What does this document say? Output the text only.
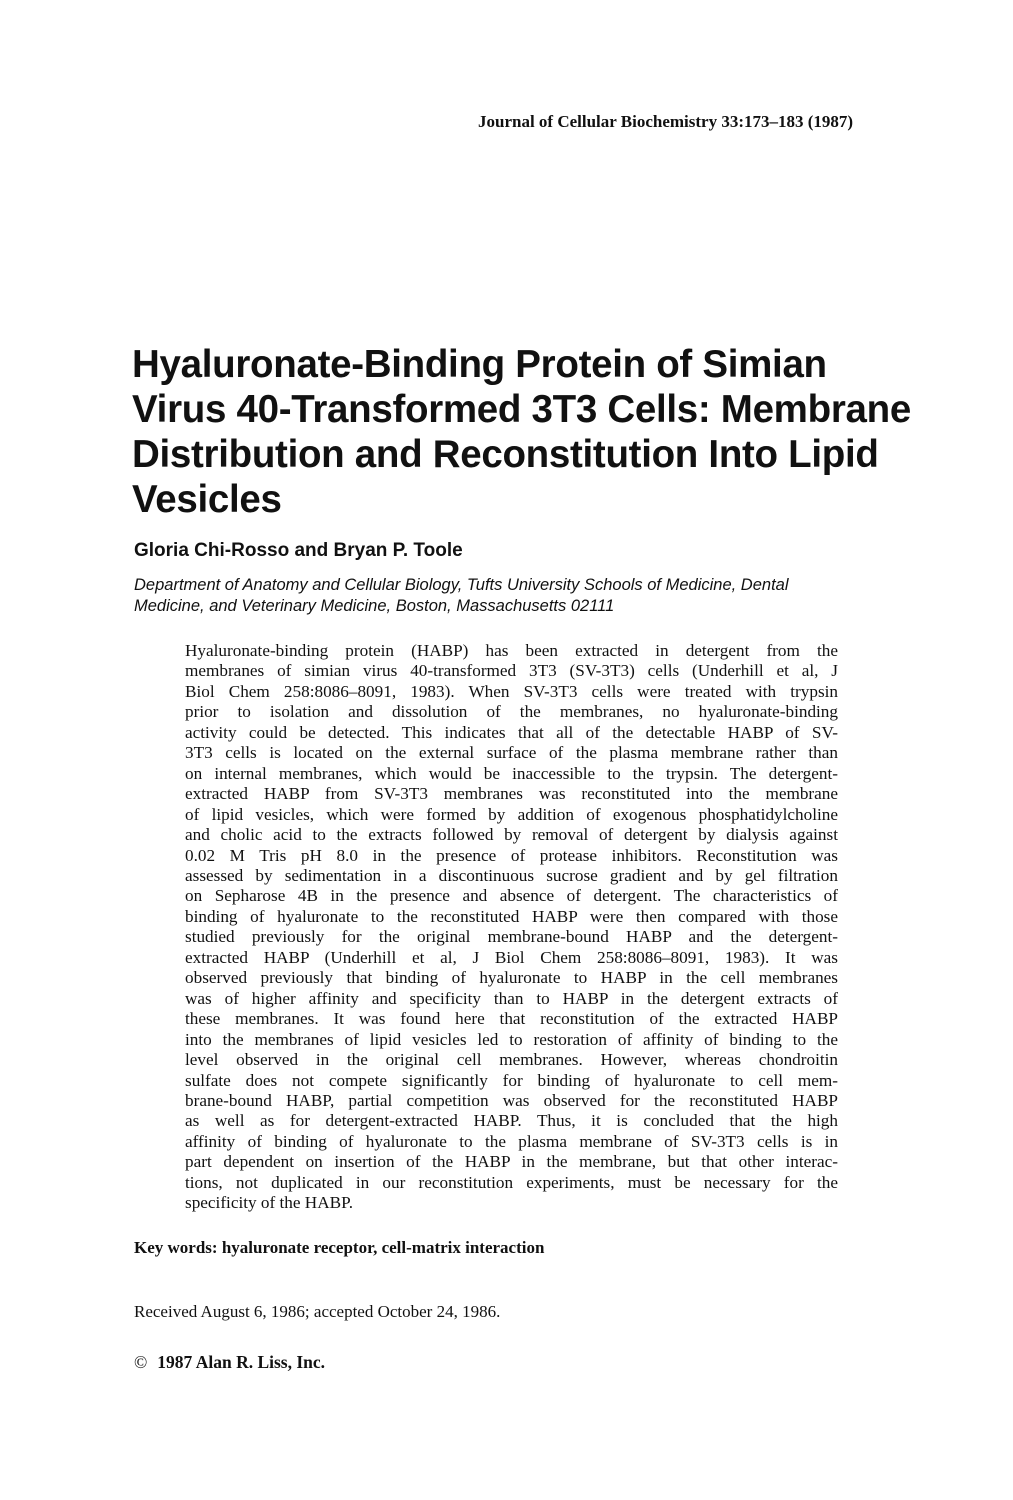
Journal of Cellular Biochemistry 33:173–183 (1987)
Hyaluronate-Binding Protein of Simian
Virus 40-Transformed 3T3 Cells: Membrane
Distribution and Reconstitution Into Lipid
Vesicles
Gloria Chi-Rosso and Bryan P. Toole
Department of Anatomy and Cellular Biology, Tufts University Schools of Medicine, Dental
Medicine, and Veterinary Medicine, Boston, Massachusetts 02111
Hyaluronate-binding protein (HABP) has been extracted in detergent from the
membranes of simian virus 40-transformed 3T3 (SV-3T3) cells (Underhill et al, J
Biol Chem 258:8086–8091, 1983). When SV-3T3 cells were treated with trypsin
prior to isolation and dissolution of the membranes, no hyaluronate-binding
activity could be detected. This indicates that all of the detectable HABP of SV-
3T3 cells is located on the external surface of the plasma membrane rather than
on internal membranes, which would be inaccessible to the trypsin. The detergent-
extracted HABP from SV-3T3 membranes was reconstituted into the membrane
of lipid vesicles, which were formed by addition of exogenous phosphatidylcholine
and cholic acid to the extracts followed by removal of detergent by dialysis against
0.02 M Tris pH 8.0 in the presence of protease inhibitors. Reconstitution was
assessed by sedimentation in a discontinuous sucrose gradient and by gel filtration
on Sepharose 4B in the presence and absence of detergent. The characteristics of
binding of hyaluronate to the reconstituted HABP were then compared with those
studied previously for the original membrane-bound HABP and the detergent-
extracted HABP (Underhill et al, J Biol Chem 258:8086–8091, 1983). It was
observed previously that binding of hyaluronate to HABP in the cell membranes
was of higher affinity and specificity than to HABP in the detergent extracts of
these membranes. It was found here that reconstitution of the extracted HABP
into the membranes of lipid vesicles led to restoration of affinity of binding to the
level observed in the original cell membranes. However, whereas chondroitin
sulfate does not compete significantly for binding of hyaluronate to cell mem-
brane-bound HABP, partial competition was observed for the reconstituted HABP
as well as for detergent-extracted HABP. Thus, it is concluded that the high
affinity of binding of hyaluronate to the plasma membrane of SV-3T3 cells is in
part dependent on insertion of the HABP in the membrane, but that other interac-
tions, not duplicated in our reconstitution experiments, must be necessary for the
specificity of the HABP.
Key words: hyaluronate receptor, cell-matrix interaction
Received August 6, 1986; accepted October 24, 1986.
© 1987 Alan R. Liss, Inc.
